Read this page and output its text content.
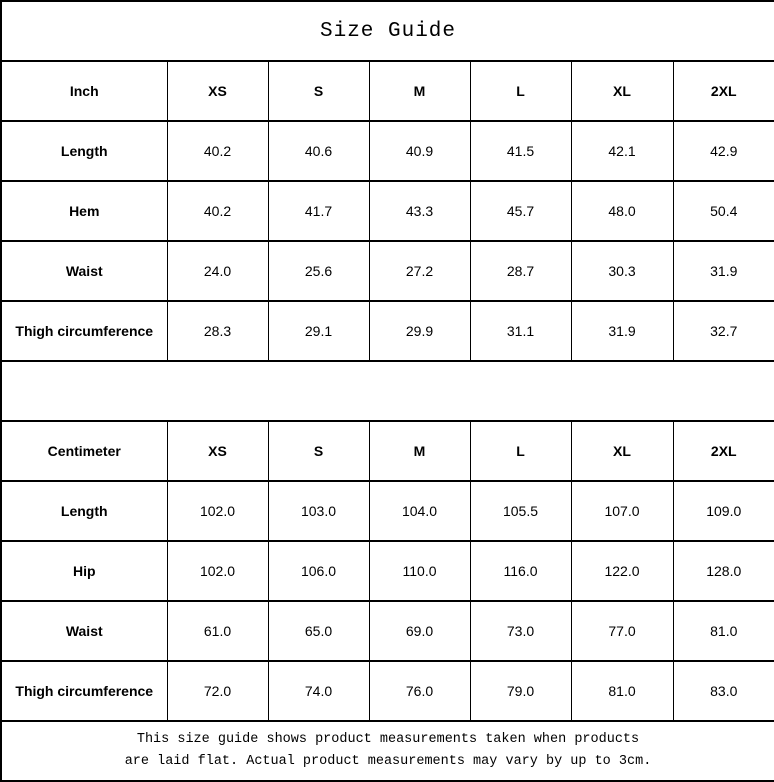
Size Guide						
Inch	XS	S	M	L	XL	2XL
Length	40.2	40.6	40.9	41.5	42.1	42.9
Hem	40.2	41.7	43.3	45.7	48.0	50.4
Waist	24.0	25.6	27.2	28.7	30.3	31.9
Thigh circumference	28.3	29.1	29.9	31.1	31.9	32.7

Centimeter	XS	S	M	L	XL	2XL
Length	102.0	103.0	104.0	105.5	107.0	109.0
Hip	102.0	106.0	110.0	116.0	122.0	128.0
Waist	61.0	65.0	69.0	73.0	77.0	81.0
Thigh circumference	72.0	74.0	76.0	79.0	81.0	83.0

This size guide shows product measurements taken when products
are laid flat. Actual product measurements may vary by up to 3cm.						
